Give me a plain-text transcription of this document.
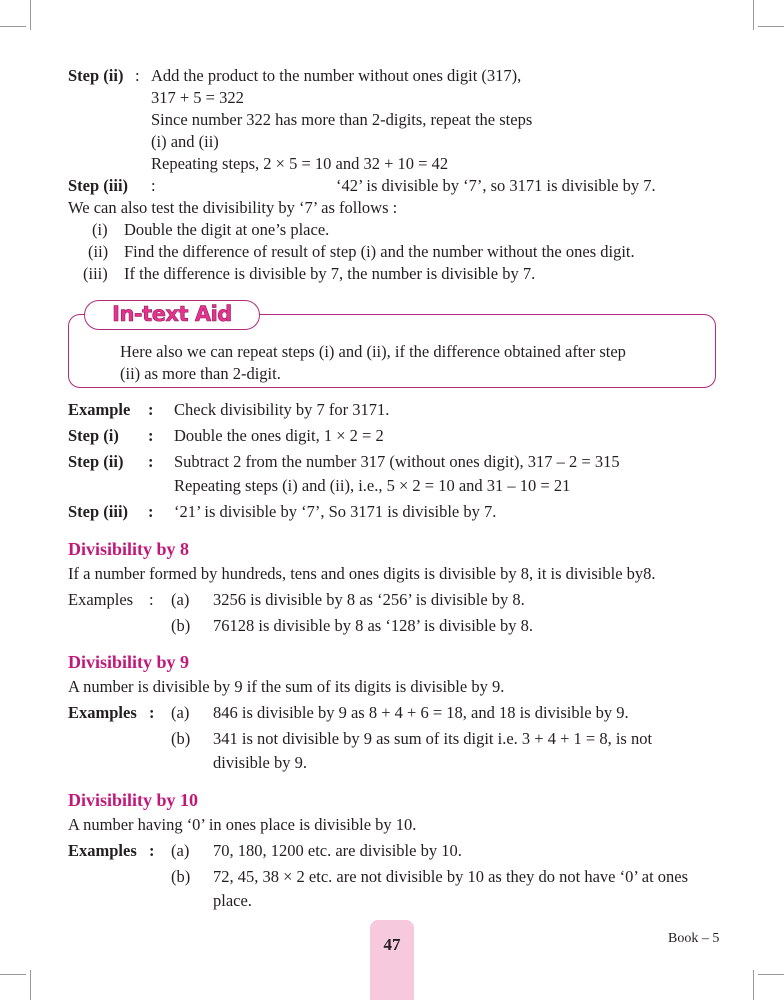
Step (ii) : Add the product to the number without ones digit (317),
317 + 5 = 322
Since number 322 has more than 2-digits, repeat the steps
(i) and (ii)
Repeating steps, 2 × 5 = 10 and 32 + 10 = 42
Step (iii) :	‘42’ is divisible by ‘7’, so 3171 is divisible by 7.
We can also test the divisibility by ‘7’ as follows :
(i) Double the digit at one’s place.
(ii) Find the difference of result of step (i) and the number without the ones digit.
(iii) If the difference is divisible by 7, the number is divisible by 7.
In-text Aid
Here also we can repeat steps (i) and (ii), if the difference obtained after step
(ii) as more than 2-digit.
Example : Check divisibility by 7 for 3171.
Step (i) : Double the ones digit, 1 × 2 = 2
Step (ii) : Subtract 2 from the number 317 (without ones digit), 317 – 2 = 315
Repeating steps (i) and (ii), i.e., 5 × 2 = 10 and 31 – 10 = 21
Step (iii) : ‘21’ is divisible by ‘7’, So 3171 is divisible by 7.
Divisibility by 8
If a number formed by hundreds, tens and ones digits is divisible by 8, it is divisible by8.
Examples : (a) 3256 is divisible by 8 as ‘256’ is divisible by 8.
(b) 76128 is divisible by 8 as ‘128’ is divisible by 8.
Divisibility by 9
A number is divisible by 9 if the sum of its digits is divisible by 9.
Examples : (a) 846 is divisible by 9 as 8 + 4 + 6 = 18, and 18 is divisible by 9.
(b) 341 is not divisible by 9 as sum of its digit i.e. 3 + 4 + 1 = 8, is not
divisible by 9.
Divisibility by 10
A number having ‘0’ in ones place is divisible by 10.
Examples : (a) 70, 180, 1200 etc. are divisible by 10.
(b) 72, 45, 38 × 2 etc. are not divisible by 10 as they do not have ‘0’ at ones
place.
47	Book – 5
